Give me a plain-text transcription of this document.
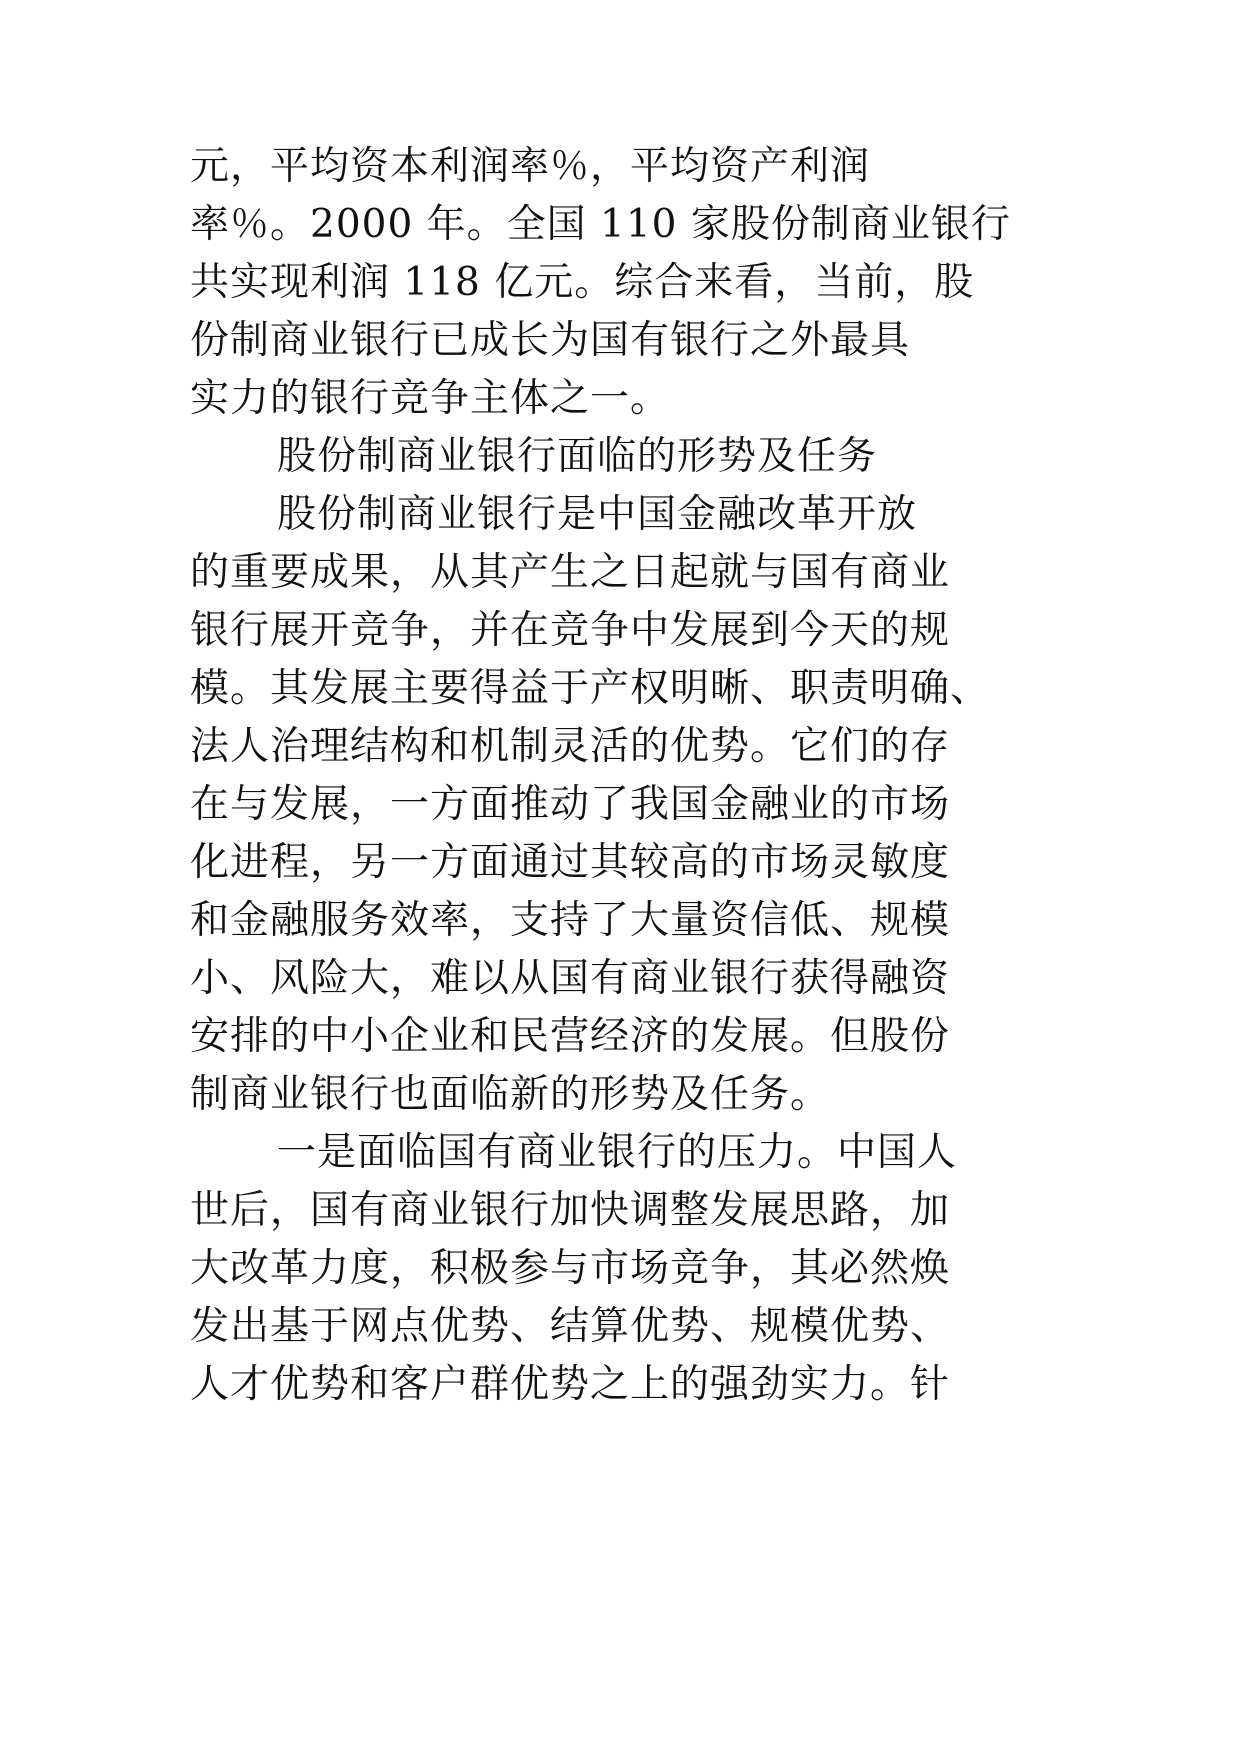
元，平均资本利润率％，平均资产利润
率％。2000 年。全国 110 家股份制商业银行
共实现利润 118 亿元。综合来看，当前，股
份制商业银行已成长为国有银行之外最具
实力的银行竞争主体之一。
股份制商业银行面临的形势及任务
股份制商业银行是中国金融改革开放
的重要成果，从其产生之日起就与国有商业
银行展开竞争，并在竞争中发展到今天的规
模。其发展主要得益于产权明晰、职责明确、
法人治理结构和机制灵活的优势。它们的存
在与发展，一方面推动了我国金融业的市场
化进程，另一方面通过其较高的市场灵敏度
和金融服务效率，支持了大量资信低、规模
小、风险大，难以从国有商业银行获得融资
安排的中小企业和民营经济的发展。但股份
制商业银行也面临新的形势及任务。
一是面临国有商业银行的压力。中国人
世后，国有商业银行加快调整发展思路，加
大改革力度，积极参与市场竞争，其必然焕
发出基于网点优势、结算优势、规模优势、
人才优势和客户群优势之上的强劲实力。针
